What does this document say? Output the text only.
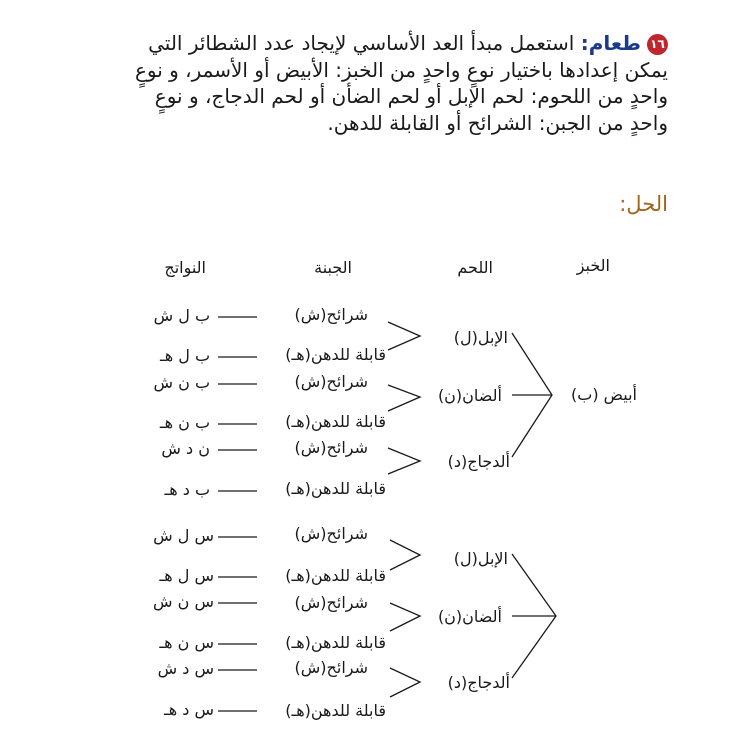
١٦طعام: استعمل مبدأ العد الأساسي لإيجاد عدد الشطائر التي يمكن إعدادها باختيار نوعٍ واحدٍ من الخبز: الأبيض أو الأسمر، و نوعٍ واحدٍ من اللحوم: لحم الإبل أو لحم الضأن أو لحم الدجاج، و نوعٍ واحدٍ من الجبن: الشرائح أو القابلة للدهن.
الحل:
الخبز
اللحم
الجبنة
النواتج
أبيض (ب)
الإبل(ل)
ألضان(ن)
ألدجاج(د)
شرائح(ش)
قابلة للدهن(هـ)
شرائح(ش)
قابلة للدهن(هـ)
شرائح(ش)
قابلة للدهن(هـ)
ب ل ش
ب ل هـ
ب ن ش
ب ن هـ
ن د ش
ب د هـ
الإبل(ل)
ألضان(ن)
ألدجاج(د)
شرائح(ش)
قابلة للدهن(هـ)
شرائح(ش)
قابلة للدهن(هـ)
شرائح(ش)
قابلة للدهن(هـ)
س ل ش
س ل هـ
س ن ش
س ن هـ
س د ش
س د هـ
